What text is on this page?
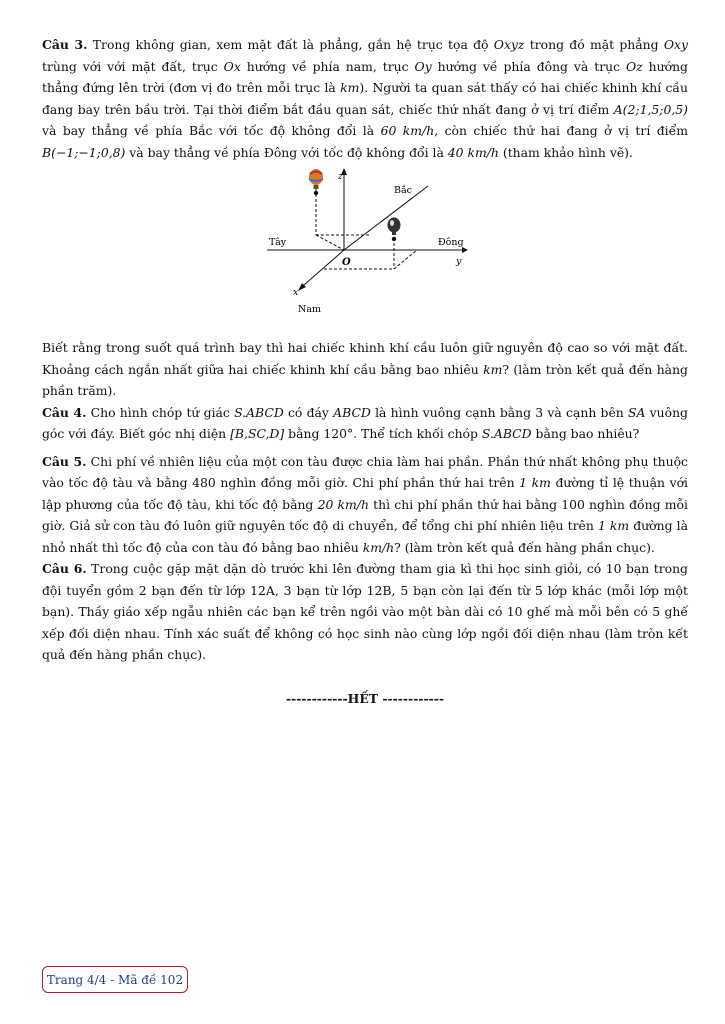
Câu 3. Trong không gian, xem mặt đất là phẳng, gắn hệ trục tọa độ Oxyz trong đó mặt phẳng Oxy trùng với với mặt đất, trục Ox hướng về phía nam, trục Oy hướng về phía đông và trục Oz hướng thẳng đứng lên trời (đơn vị đo trên mỗi trục là km). Người ta quan sát thấy có hai chiếc khinh khí cầu đang bay trên bầu trời. Tại thời điểm bắt đầu quan sát, chiếc thứ nhất đang ở vị trí điểm A(2;1,5;0,5) và bay thẳng về phía Bắc với tốc độ không đổi là 60 km/h, còn chiếc thứ hai đang ở vị trí điểm B(−1;−1;0,8) và bay thẳng về phía Đông với tốc độ không đổi là 40 km/h (tham khảo hình vẽ).

z
Bắc
Tây	Đông
O	y
x
Nam

Biết rằng trong suốt quá trình bay thì hai chiếc khinh khí cầu luôn giữ nguyên độ cao so với mặt đất. Khoảng cách ngắn nhất giữa hai chiếc khinh khí cầu bằng bao nhiêu km? (làm tròn kết quả đến hàng phần trăm).

Câu 4. Cho hình chóp tứ giác S.ABCD có đáy ABCD là hình vuông cạnh bằng 3 và cạnh bên SA vuông góc với đáy. Biết góc nhị diện [B,SC,D] bằng 120°. Thể tích khối chóp S.ABCD bằng bao nhiêu?

Câu 5. Chi phí về nhiên liệu của một con tàu được chia làm hai phần. Phần thứ nhất không phụ thuộc vào tốc độ tàu và bằng 480 nghìn đồng mỗi giờ. Chi phí phần thứ hai trên 1 km đường tỉ lệ thuận với lập phương của tốc độ tàu, khi tốc độ bằng 20 km/h thì chi phí phần thứ hai bằng 100 nghìn đồng mỗi giờ. Giả sử con tàu đó luôn giữ nguyên tốc độ di chuyển, để tổng chi phí nhiên liệu trên 1 km đường là nhỏ nhất thì tốc độ của con tàu đó bằng bao nhiêu km/h? (làm tròn kết quả đến hàng phần chục).

Câu 6. Trong cuộc gặp mặt dặn dò trước khi lên đường tham gia kì thi học sinh giỏi, có 10 bạn trong đội tuyển gồm 2 bạn đến từ lớp 12A, 3 bạn từ lớp 12B, 5 bạn còn lại đến từ 5 lớp khác (mỗi lớp một bạn). Thầy giáo xếp ngẫu nhiên các bạn kể trên ngồi vào một bàn dài có 10 ghế mà mỗi bên có 5 ghế xếp đối diện nhau. Tính xác suất để không có học sinh nào cùng lớp ngồi đối diện nhau (làm tròn kết quả đến hàng phần chục).

------------HẾT ------------
Trang 4/4 - Mã đề 102
